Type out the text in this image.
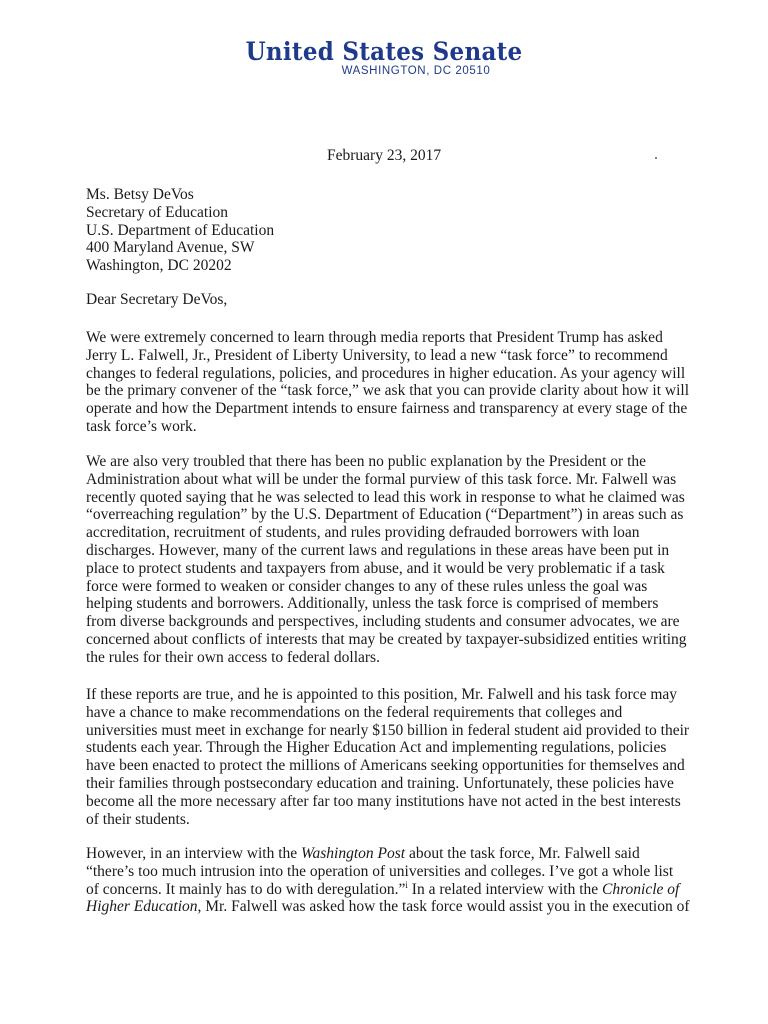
United States Senate
WASHINGTON, DC 20510
February 23, 2017
Ms. Betsy DeVos
Secretary of Education
U.S. Department of Education
400 Maryland Avenue, SW
Washington, DC 20202
Dear Secretary DeVos,
We were extremely concerned to learn through media reports that President Trump has asked
Jerry L. Falwell, Jr., President of Liberty University, to lead a new “task force” to recommend
changes to federal regulations, policies, and procedures in higher education. As your agency will
be the primary convener of the “task force,” we ask that you can provide clarity about how it will
operate and how the Department intends to ensure fairness and transparency at every stage of the
task force’s work.
We are also very troubled that there has been no public explanation by the President or the
Administration about what will be under the formal purview of this task force. Mr. Falwell was
recently quoted saying that he was selected to lead this work in response to what he claimed was
“overreaching regulation” by the U.S. Department of Education (“Department”) in areas such as
accreditation, recruitment of students, and rules providing defrauded borrowers with loan
discharges. However, many of the current laws and regulations in these areas have been put in
place to protect students and taxpayers from abuse, and it would be very problematic if a task
force were formed to weaken or consider changes to any of these rules unless the goal was
helping students and borrowers. Additionally, unless the task force is comprised of members
from diverse backgrounds and perspectives, including students and consumer advocates, we are
concerned about conflicts of interests that may be created by taxpayer-subsidized entities writing
the rules for their own access to federal dollars.
If these reports are true, and he is appointed to this position, Mr. Falwell and his task force may
have a chance to make recommendations on the federal requirements that colleges and
universities must meet in exchange for nearly $150 billion in federal student aid provided to their
students each year. Through the Higher Education Act and implementing regulations, policies
have been enacted to protect the millions of Americans seeking opportunities for themselves and
their families through postsecondary education and training. Unfortunately, these policies have
become all the more necessary after far too many institutions have not acted in the best interests
of their students.
However, in an interview with the Washington Post about the task force, Mr. Falwell said
“there’s too much intrusion into the operation of universities and colleges. I’ve got a whole list
of concerns. It mainly has to do with deregulation.”$^i$ In a related interview with the Chronicle of
Higher Education, Mr. Falwell was asked how the task force would assist you in the execution of
